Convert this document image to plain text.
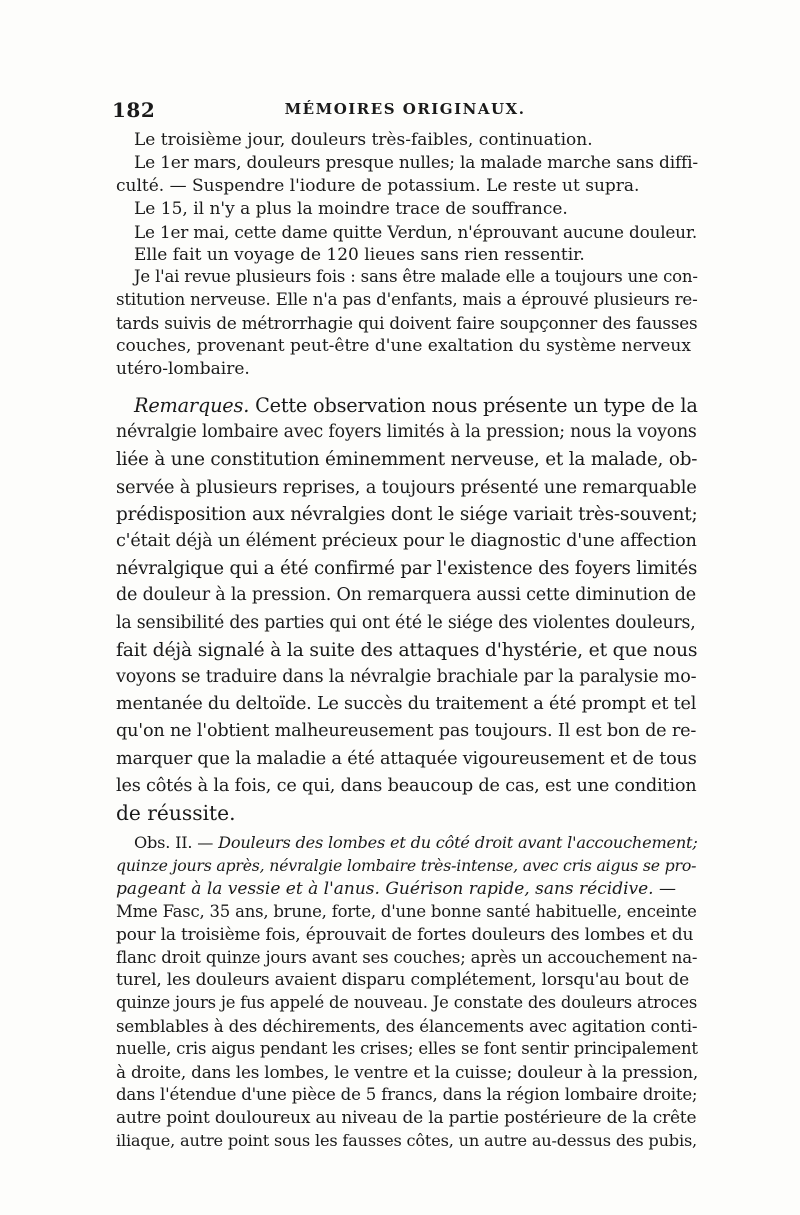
182	MÉMOIRES ORIGINAUX.
Le troisième jour, douleurs très-faibles, continuation.
Le 1er mars, douleurs presque nulles; la malade marche sans diffi-
culté. — Suspendre l'iodure de potassium. Le reste ut supra.
Le 15, il n'y a plus la moindre trace de souffrance.
Le 1er mai, cette dame quitte Verdun, n'éprouvant aucune douleur.
Elle fait un voyage de 120 lieues sans rien ressentir.
Je l'ai revue plusieurs fois : sans être malade elle a toujours une con-
stitution nerveuse. Elle n'a pas d'enfants, mais a éprouvé plusieurs re-
tards suivis de métrorrhagie qui doivent faire soupçonner des fausses
couches, provenant peut-être d'une exaltation du système nerveux
utéro-lombaire.
Remarques. Cette observation nous présente un type de la
névralgie lombaire avec foyers limités à la pression; nous la voyons
liée à une constitution éminemment nerveuse, et la malade, ob-
servée à plusieurs reprises, a toujours présenté une remarquable
prédisposition aux névralgies dont le siége variait très-souvent;
c'était déjà un élément précieux pour le diagnostic d'une affection
névralgique qui a été confirmé par l'existence des foyers limités
de douleur à la pression. On remarquera aussi cette diminution de
la sensibilité des parties qui ont été le siége des violentes douleurs,
fait déjà signalé à la suite des attaques d'hystérie, et que nous
voyons se traduire dans la névralgie brachiale par la paralysie mo-
mentanée du deltoïde. Le succès du traitement a été prompt et tel
qu'on ne l'obtient malheureusement pas toujours. Il est bon de re-
marquer que la maladie a été attaquée vigoureusement et de tous
les côtés à la fois, ce qui, dans beaucoup de cas, est une condition
de réussite.
Obs. II. — Douleurs des lombes et du côté droit avant l'accouchement;
quinze jours après, névralgie lombaire très-intense, avec cris aigus se pro-
pageant à la vessie et à l'anus. Guérison rapide, sans récidive. —
Mme Fasc, 35 ans, brune, forte, d'une bonne santé habituelle, enceinte
pour la troisième fois, éprouvait de fortes douleurs des lombes et du
flanc droit quinze jours avant ses couches; après un accouchement na-
turel, les douleurs avaient disparu complétement, lorsqu'au bout de
quinze jours je fus appelé de nouveau. Je constate des douleurs atroces
semblables à des déchirements, des élancements avec agitation conti-
nuelle, cris aigus pendant les crises; elles se font sentir principalement
à droite, dans les lombes, le ventre et la cuisse; douleur à la pression,
dans l'étendue d'une pièce de 5 francs, dans la région lombaire droite;
autre point douloureux au niveau de la partie postérieure de la crête
iliaque, autre point sous les fausses côtes, un autre au-dessus des pubis,
